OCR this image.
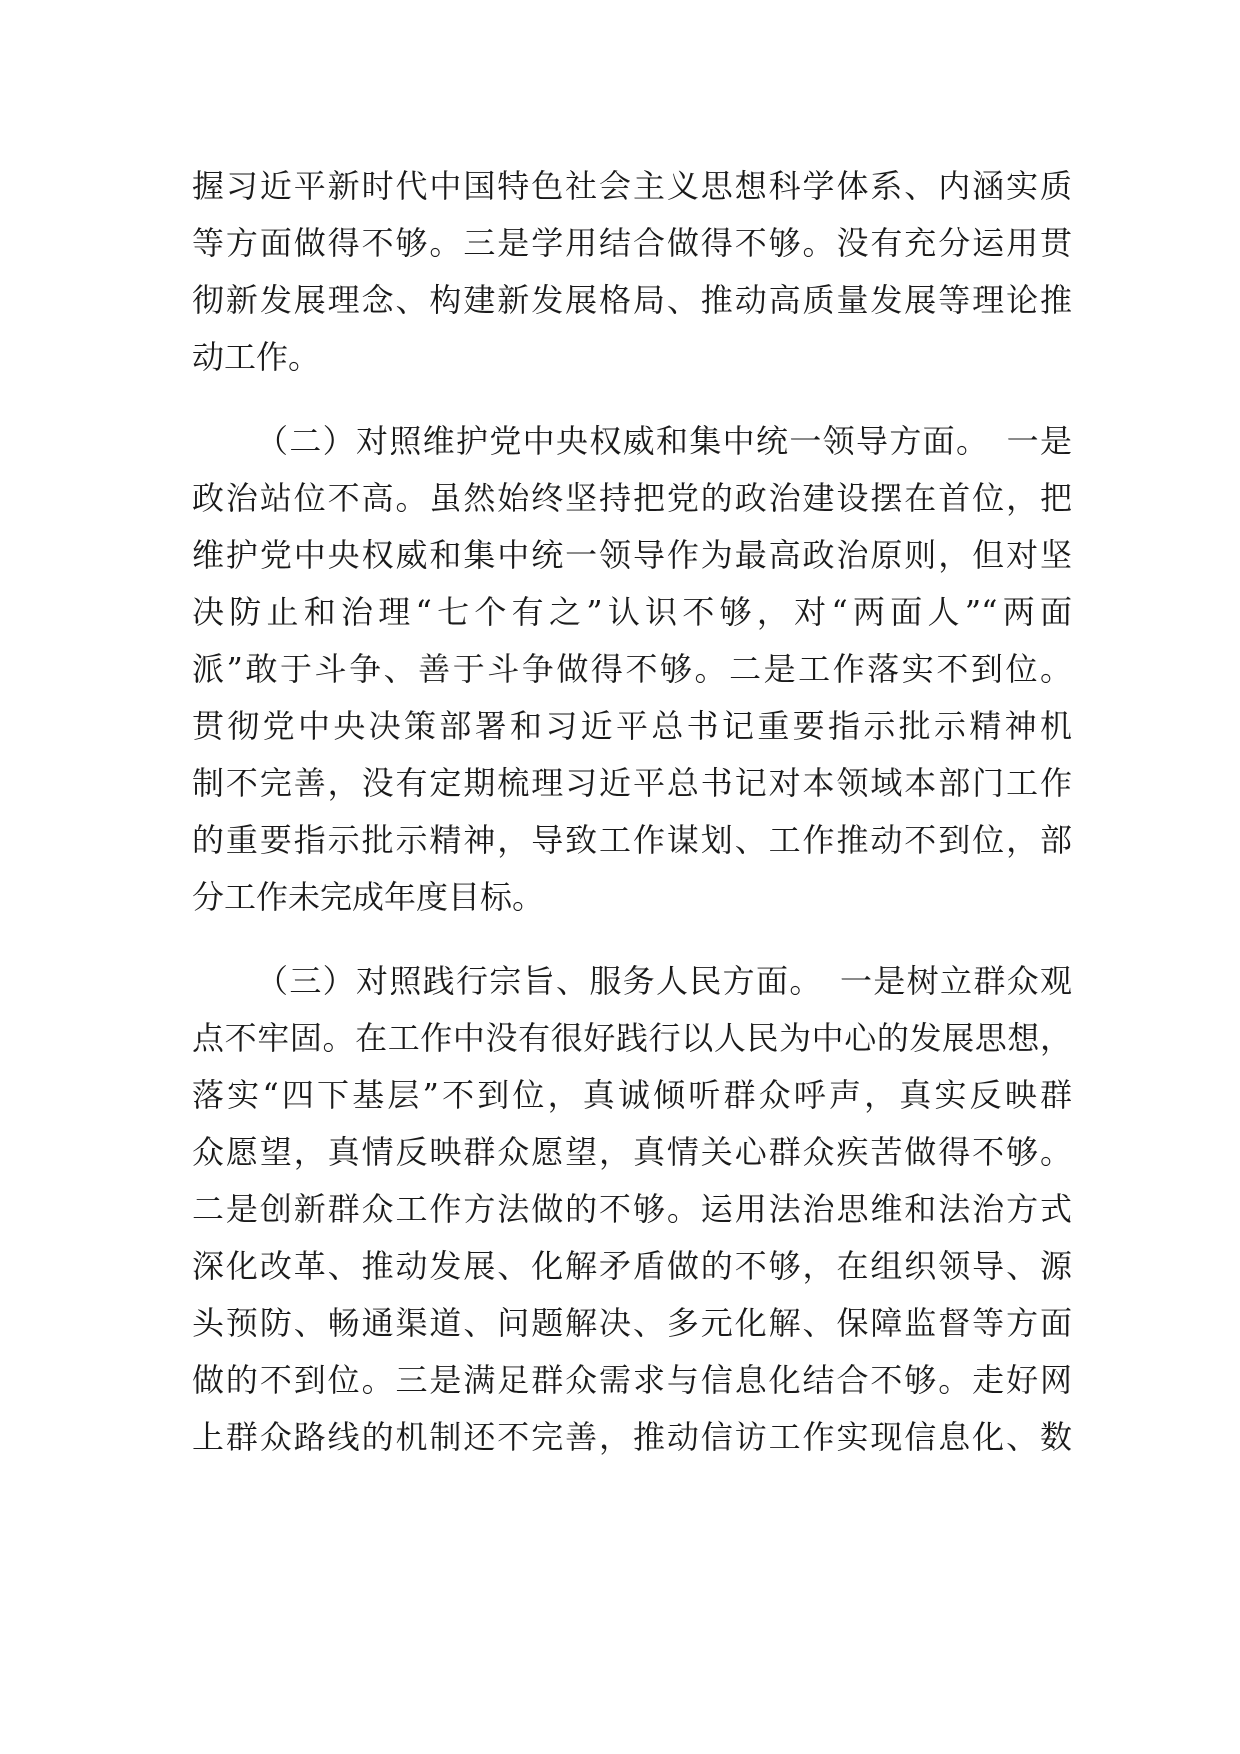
握习近平新时代中国特色社会主义思想科学体系、内涵实质
等方面做得不够。三是学用结合做得不够。没有充分运用贯
彻新发展理念、构建新发展格局、推动高质量发展等理论推
动工作。
（二）对照维护党中央权威和集中统一领导方面。　一是
政治站位不高。虽然始终坚持把党的政治建设摆在首位，把
维护党中央权威和集中统一领导作为最高政治原则，但对坚
决防止和治理“七个有之”认识不够，对“两面人”“两面
派”敢于斗争、善于斗争做得不够。二是工作落实不到位。
贯彻党中央决策部署和习近平总书记重要指示批示精神机
制不完善，没有定期梳理习近平总书记对本领域本部门工作
的重要指示批示精神，导致工作谋划、工作推动不到位，部
分工作未完成年度目标。
（三）对照践行宗旨、服务人民方面。　一是树立群众观
点不牢固。在工作中没有很好践行以人民为中心的发展思想，
落实“四下基层”不到位，真诚倾听群众呼声，真实反映群
众愿望，真情反映群众愿望，真情关心群众疾苦做得不够。
二是创新群众工作方法做的不够。运用法治思维和法治方式
深化改革、推动发展、化解矛盾做的不够，在组织领导、源
头预防、畅通渠道、问题解决、多元化解、保障监督等方面
做的不到位。三是满足群众需求与信息化结合不够。走好网
上群众路线的机制还不完善，推动信访工作实现信息化、数
